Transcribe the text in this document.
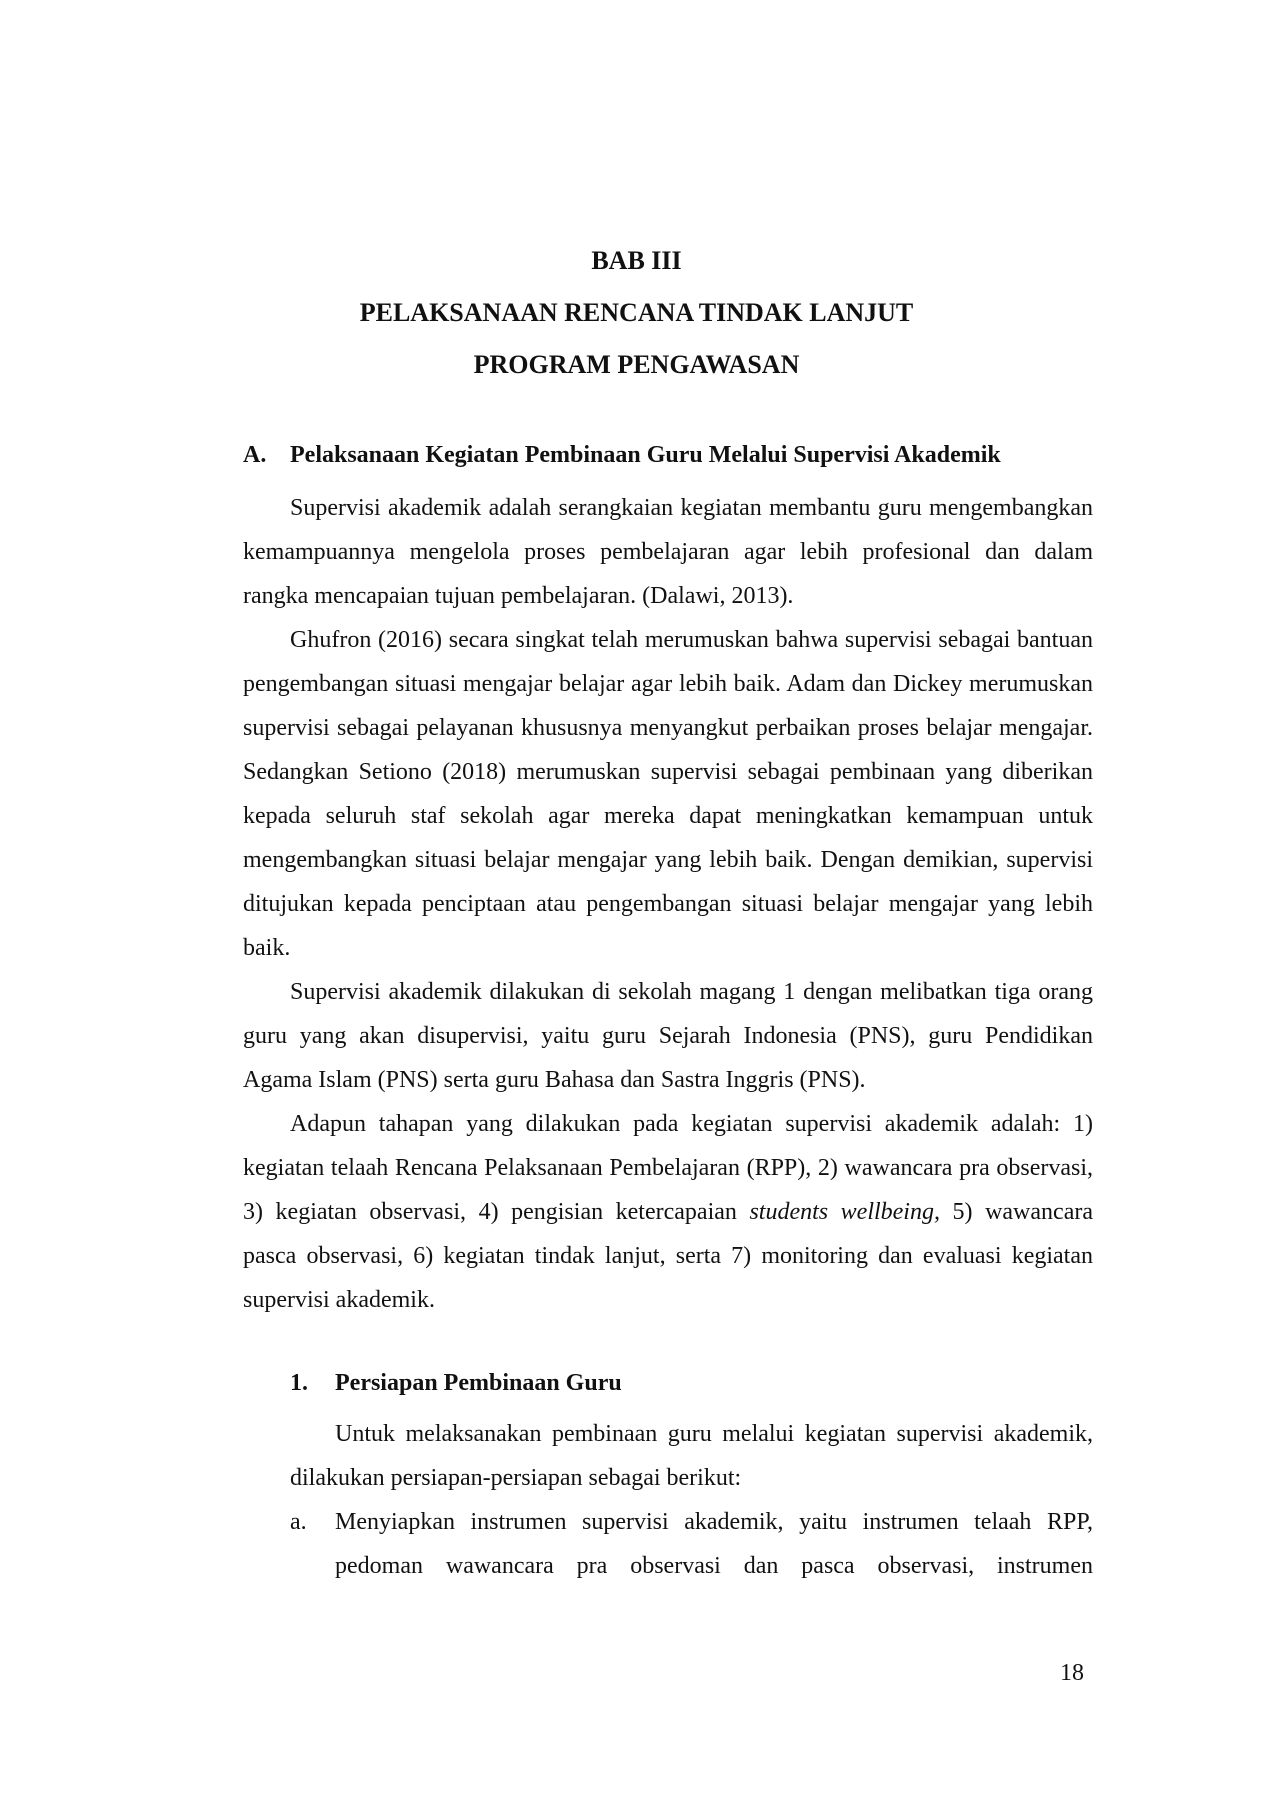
BAB III
PELAKSANAAN RENCANA TINDAK LANJUT
PROGRAM PENGAWASAN
A. Pelaksanaan Kegiatan Pembinaan Guru Melalui Supervisi Akademik

Supervisi akademik adalah serangkaian kegiatan membantu guru mengembangkan kemampuannya mengelola proses pembelajaran agar lebih profesional dan dalam rangka mencapaian tujuan pembelajaran. (Dalawi, 2013).

Ghufron (2016) secara singkat telah merumuskan bahwa supervisi sebagai bantuan pengembangan situasi mengajar belajar agar lebih baik. Adam dan Dickey merumuskan supervisi sebagai pelayanan khususnya menyangkut perbaikan proses belajar mengajar. Sedangkan Setiono (2018) merumuskan supervisi sebagai pembinaan yang diberikan kepada seluruh staf sekolah agar mereka dapat meningkatkan kemampuan untuk mengembangkan situasi belajar mengajar yang lebih baik. Dengan demikian, supervisi ditujukan kepada penciptaan atau pengembangan situasi belajar mengajar yang lebih baik.

Supervisi akademik dilakukan di sekolah magang 1 dengan melibatkan tiga orang guru yang akan disupervisi, yaitu guru Sejarah Indonesia (PNS), guru Pendidikan Agama Islam (PNS) serta guru Bahasa dan Sastra Inggris (PNS).

Adapun tahapan yang dilakukan pada kegiatan supervisi akademik adalah: 1) kegiatan telaah Rencana Pelaksanaan Pembelajaran (RPP), 2) wawancara pra observasi, 3) kegiatan observasi, 4) pengisian ketercapaian students wellbeing, 5) wawancara pasca observasi, 6) kegiatan tindak lanjut, serta 7) monitoring dan evaluasi kegiatan supervisi akademik.

1. Persiapan Pembinaan Guru

Untuk melaksanakan pembinaan guru melalui kegiatan supervisi akademik, dilakukan persiapan-persiapan sebagai berikut:

a. Menyiapkan instrumen supervisi akademik, yaitu instrumen telaah RPP, pedoman wawancara pra observasi dan pasca observasi, instrumen
18
